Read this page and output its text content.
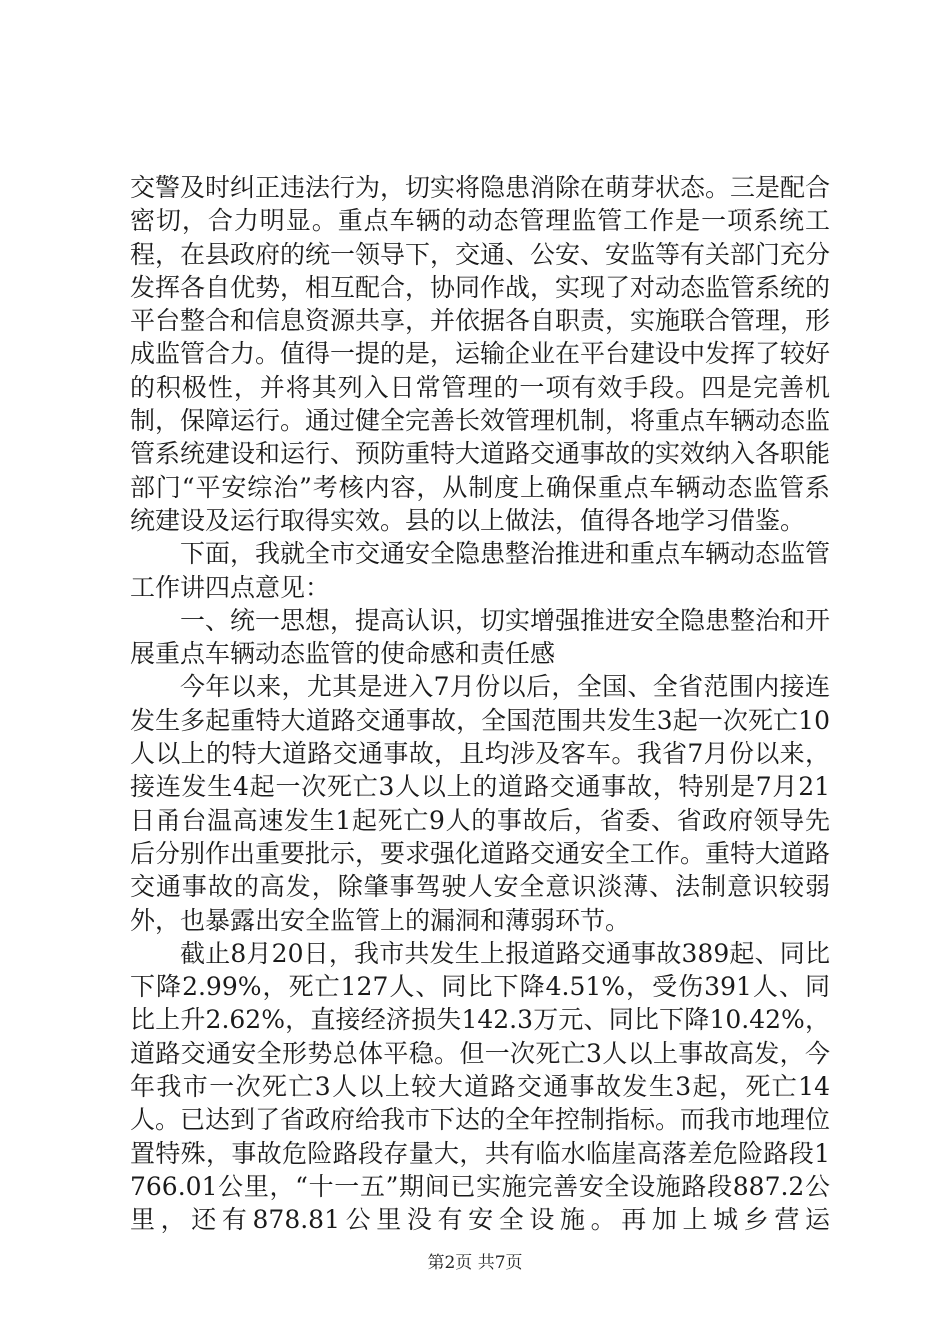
交警及时纠正违法行为，切实将隐患消除在萌芽状态。三是配合密切，合力明显。重点车辆的动态管理监管工作是一项系统工程，在县政府的统一领导下，交通、公安、安监等有关部门充分发挥各自优势，相互配合，协同作战，实现了对动态监管系统的平台整合和信息资源共享，并依据各自职责，实施联合管理，形成监管合力。值得一提的是，运输企业在平台建设中发挥了较好的积极性，并将其列入日常管理的一项有效手段。四是完善机制，保障运行。通过健全完善长效管理机制，将重点车辆动态监管系统建设和运行、预防重特大道路交通事故的实效纳入各职能部门“平安综治”考核内容，从制度上确保重点车辆动态监管系统建设及运行取得实效。县的以上做法，值得各地学习借鉴。

下面，我就全市交通安全隐患整治推进和重点车辆动态监管工作讲四点意见：

一、统一思想，提高认识，切实增强推进安全隐患整治和开展重点车辆动态监管的使命感和责任感

今年以来，尤其是进入7月份以后，全国、全省范围内接连发生多起重特大道路交通事故，全国范围共发生3起一次死亡10人以上的特大道路交通事故，且均涉及客车。我省7月份以来，接连发生4起一次死亡3人以上的道路交通事故，特别是7月21日甬台温高速发生1起死亡9人的事故后，省委、省政府领导先后分别作出重要批示，要求强化道路交通安全工作。重特大道路交通事故的高发，除肇事驾驶人安全意识淡薄、法制意识较弱外，也暴露出安全监管上的漏洞和薄弱环节。

截止8月20日，我市共发生上报道路交通事故389起、同比下降2.99%，死亡127人、同比下降4.51%，受伤391人、同比上升2.62%，直接经济损失142.3万元、同比下降10.42%，道路交通安全形势总体平稳。但一次死亡3人以上事故高发，今年我市一次死亡3人以上较大道路交通事故发生3起，死亡14人。已达到了省政府给我市下达的全年控制指标。而我市地理位置特殊，事故危险路段存量大，共有临水临崖高落差危险路段1766.01公里，“十一五”期间已实施完善安全设施路段887.2公里，还有878.81公里没有安全设施。再加上城乡营运

第2页 共7页
